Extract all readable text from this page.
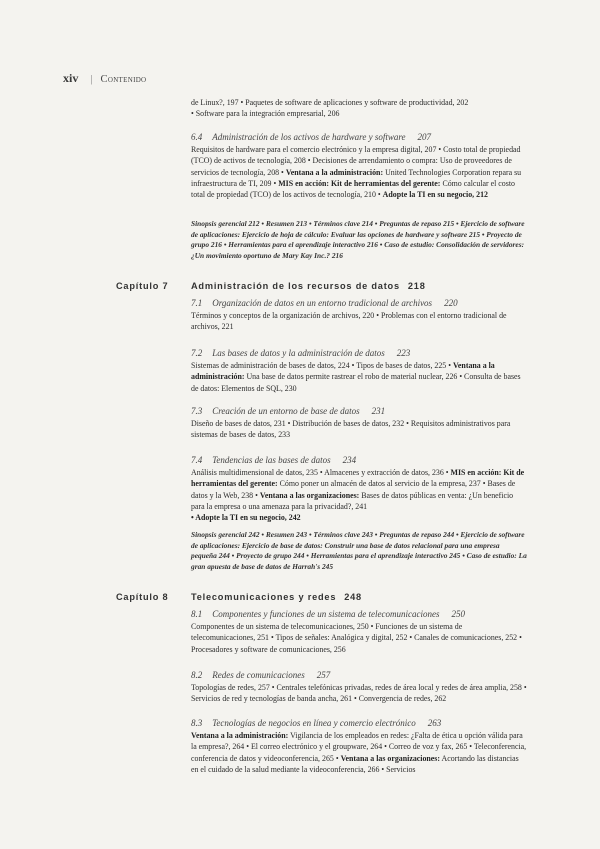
xiv | Contenido
de Linux?, 197 • Paquetes de software de aplicaciones y software de productividad, 202
• Software para la integración empresarial, 206
6.4 Administración de los activos de hardware y software 207
Requisitos de hardware para el comercio electrónico y la empresa digital, 207 • Costo total de propiedad (TCO) de activos de tecnología, 208 • Decisiones de arrendamiento o compra: Uso de proveedores de servicios de tecnología, 208 • Ventana a la administración: United Technologies Corporation repara su infraestructura de TI, 209 • MIS en acción: Kit de herramientas del gerente: Cómo calcular el costo total de propiedad (TCO) de los activos de tecnología, 210 • Adopte la TI en su negocio, 212
Sinopsis gerencial 212 • Resumen 213 • Términos clave 214 • Preguntas de repaso 215 • Ejercicio de software de aplicaciones: Ejercicio de hoja de cálculo: Evaluar las opciones de hardware y software 215 • Proyecto de grupo 216 • Herramientas para el aprendizaje interactivo 216 • Caso de estudio: Consolidación de servidores: ¿Un movimiento oportuno de Mary Kay Inc.? 216
Capítulo 7 Administración de los recursos de datos 218
7.1 Organización de datos en un entorno tradicional de archivos 220
Términos y conceptos de la organización de archivos, 220 • Problemas con el entorno tradicional de archivos, 221
7.2 Las bases de datos y la administración de datos 223
Sistemas de administración de bases de datos, 224 • Tipos de bases de datos, 225 • Ventana a la administración: Una base de datos permite rastrear el robo de material nuclear, 226 • Consulta de bases de datos: Elementos de SQL, 230
7.3 Creación de un entorno de base de datos 231
Diseño de bases de datos, 231 • Distribución de bases de datos, 232 • Requisitos administrativos para sistemas de bases de datos, 233
7.4 Tendencias de las bases de datos 234
Análisis multidimensional de datos, 235 • Almacenes y extracción de datos, 236 • MIS en acción: Kit de herramientas del gerente: Cómo poner un almacén de datos al servicio de la empresa, 237 • Bases de datos y la Web, 238 • Ventana a las organizaciones: Bases de datos públicas en venta: ¿Un beneficio para la empresa o una amenaza para la privacidad?, 241
• Adopte la TI en su negocio, 242
Sinopsis gerencial 242 • Resumen 243 • Términos clave 243 • Preguntas de repaso 244 • Ejercicio de software de aplicaciones: Ejercicio de base de datos: Construir una base de datos relacional para una empresa pequeña 244 • Proyecto de grupo 244 • Herramientas para el aprendizaje interactivo 245 • Caso de estudio: La gran apuesta de base de datos de Harrah's 245
Capítulo 8 Telecomunicaciones y redes 248
8.1 Componentes y funciones de un sistema de telecomunicaciones 250
Componentes de un sistema de telecomunicaciones, 250 • Funciones de un sistema de telecomunicaciones, 251 • Tipos de señales: Analógica y digital, 252 • Canales de comunicaciones, 252 • Procesadores y software de comunicaciones, 256
8.2 Redes de comunicaciones 257
Topologías de redes, 257 • Centrales telefónicas privadas, redes de área local y redes de área amplia, 258 • Servicios de red y tecnologías de banda ancha, 261 • Convergencia de redes, 262
8.3 Tecnologías de negocios en línea y comercio electrónico 263
Ventana a la administración: Vigilancia de los empleados en redes: ¿Falta de ética u opción válida para la empresa?, 264 • El correo electrónico y el groupware, 264 • Correo de voz y fax, 265 • Teleconferencia, conferencia de datos y videoconferencia, 265 • Ventana a las organizaciones: Acortando las distancias en el cuidado de la salud mediante la videoconferencia, 266 • Servicios
